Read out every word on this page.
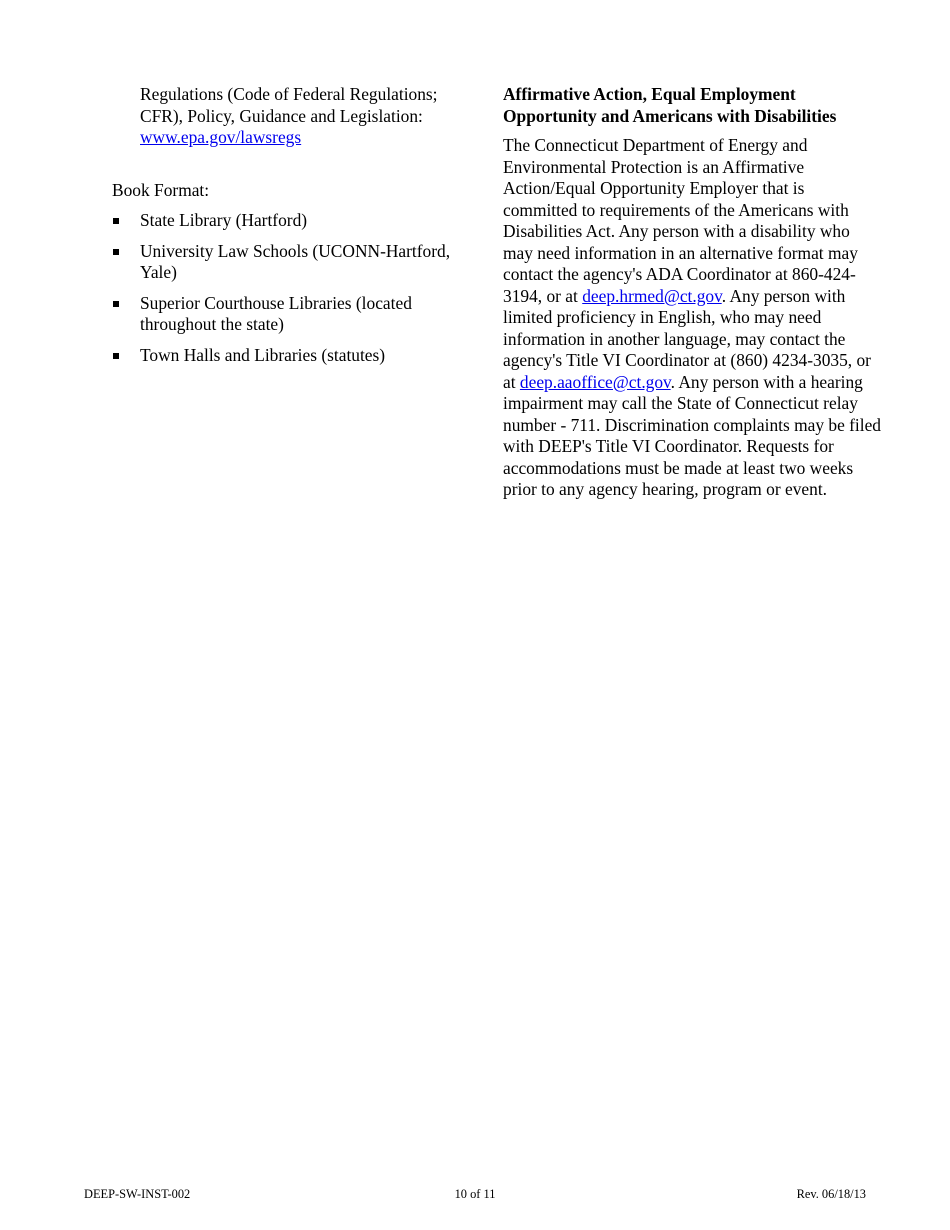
Regulations (Code of Federal Regulations; CFR), Policy, Guidance and Legislation:
www.epa.gov/lawsregs
Book Format:
State Library (Hartford)
University Law Schools (UCONN-Hartford, Yale)
Superior Courthouse Libraries (located throughout the state)
Town Halls and Libraries (statutes)
Affirmative Action, Equal Employment Opportunity and Americans with Disabilities

The Connecticut Department of Energy and Environmental Protection is an Affirmative Action/Equal Opportunity Employer that is committed to requirements of the Americans with Disabilities Act. Any person with a disability who may need information in an alternative format may contact the agency's ADA Coordinator at 860-424-3194, or at deep.hrmed@ct.gov. Any person with limited proficiency in English, who may need information in another language, may contact the agency's Title VI Coordinator at (860) 4234-3035, or at deep.aaoffice@ct.gov. Any person with a hearing impairment may call the State of Connecticut relay number - 711. Discrimination complaints may be filed with DEEP's Title VI Coordinator. Requests for accommodations must be made at least two weeks prior to any agency hearing, program or event.

DEEP-SW-INST-002	10 of 11	Rev. 06/18/13
